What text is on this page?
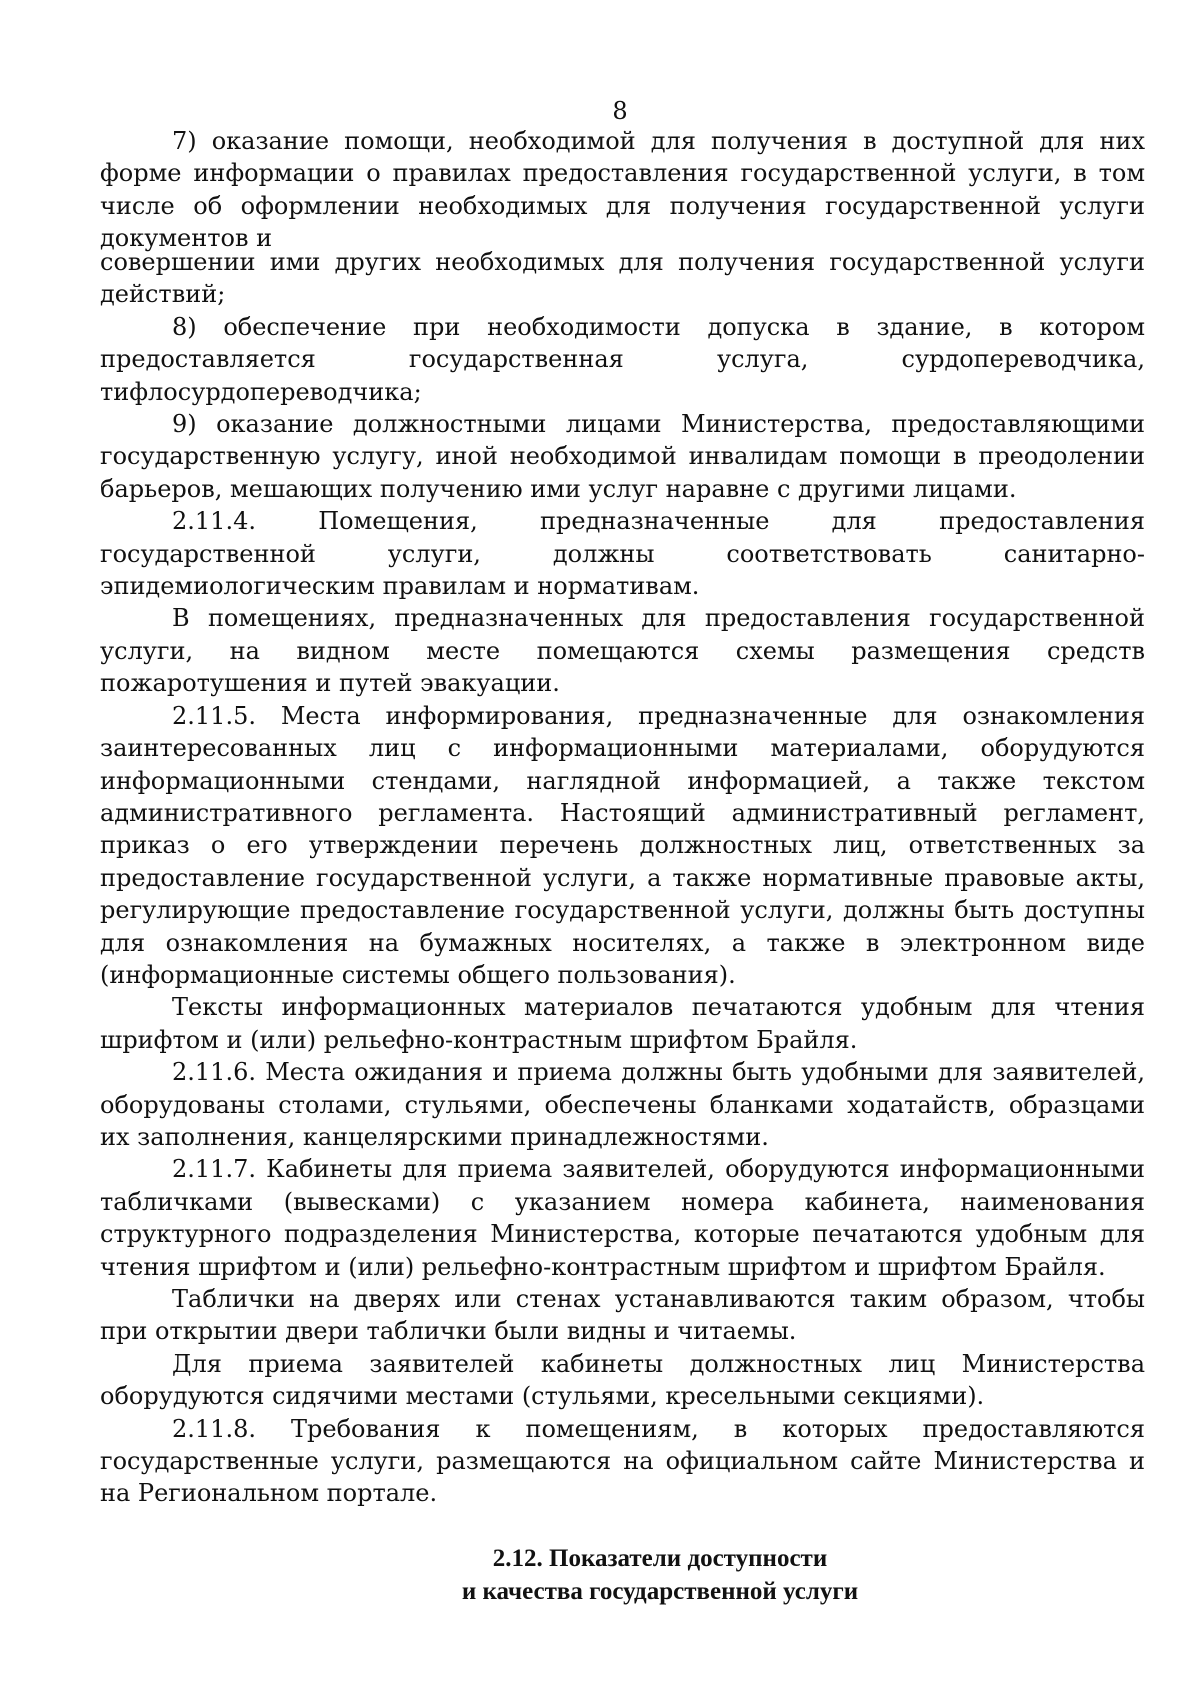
8

7) оказание помощи, необходимой для получения в доступной для них форме информации о правилах предоставления государственной услуги, в том числе об оформлении необходимых для получения государственной услуги документов и

совершении ими других необходимых для получения государственной услуги действий;

8) обеспечение при необходимости допуска в здание, в котором предоставляется государственная услуга, сурдопереводчика, тифлосурдопереводчика;

9) оказание должностными лицами Министерства, предоставляющими государственную услугу, иной необходимой инвалидам помощи в преодолении барьеров, мешающих получению ими услуг наравне с другими лицами.

2.11.4. Помещения, предназначенные для предоставления государственной услуги, должны соответствовать санитарно-эпидемиологическим правилам и нормативам.

В помещениях, предназначенных для предоставления государственной услуги, на видном месте помещаются схемы размещения средств пожаротушения и путей эвакуации.

2.11.5. Места информирования, предназначенные для ознакомления заинтересованных лиц с информационными материалами, оборудуются информационными стендами, наглядной информацией, а также текстом административного регламента. Настоящий административный регламент, приказ о его утверждении перечень должностных лиц, ответственных за предоставление государственной услуги, а также нормативные правовые акты, регулирующие предоставление государственной услуги, должны быть доступны для ознакомления на бумажных носителях, а также в электронном виде (информационные системы общего пользования).

Тексты информационных материалов печатаются удобным для чтения шрифтом и (или) рельефно-контрастным шрифтом Брайля.

2.11.6. Места ожидания и приема должны быть удобными для заявителей, оборудованы столами, стульями, обеспечены бланками ходатайств, образцами их заполнения, канцелярскими принадлежностями.

2.11.7. Кабинеты для приема заявителей, оборудуются информационными табличками (вывесками) с указанием номера кабинета, наименования структурного подразделения Министерства, которые печатаются удобным для чтения шрифтом и (или) рельефно-контрастным шрифтом и шрифтом Брайля.

Таблички на дверях или стенах устанавливаются таким образом, чтобы при открытии двери таблички были видны и читаемы.

Для приема заявителей кабинеты должностных лиц Министерства оборудуются сидячими местами (стульями, кресельными секциями).

2.11.8. Требования к помещениям, в которых предоставляются государственные услуги, размещаются на официальном сайте Министерства и на Региональном портале.

2.12. Показатели доступности
и качества государственной услуги
